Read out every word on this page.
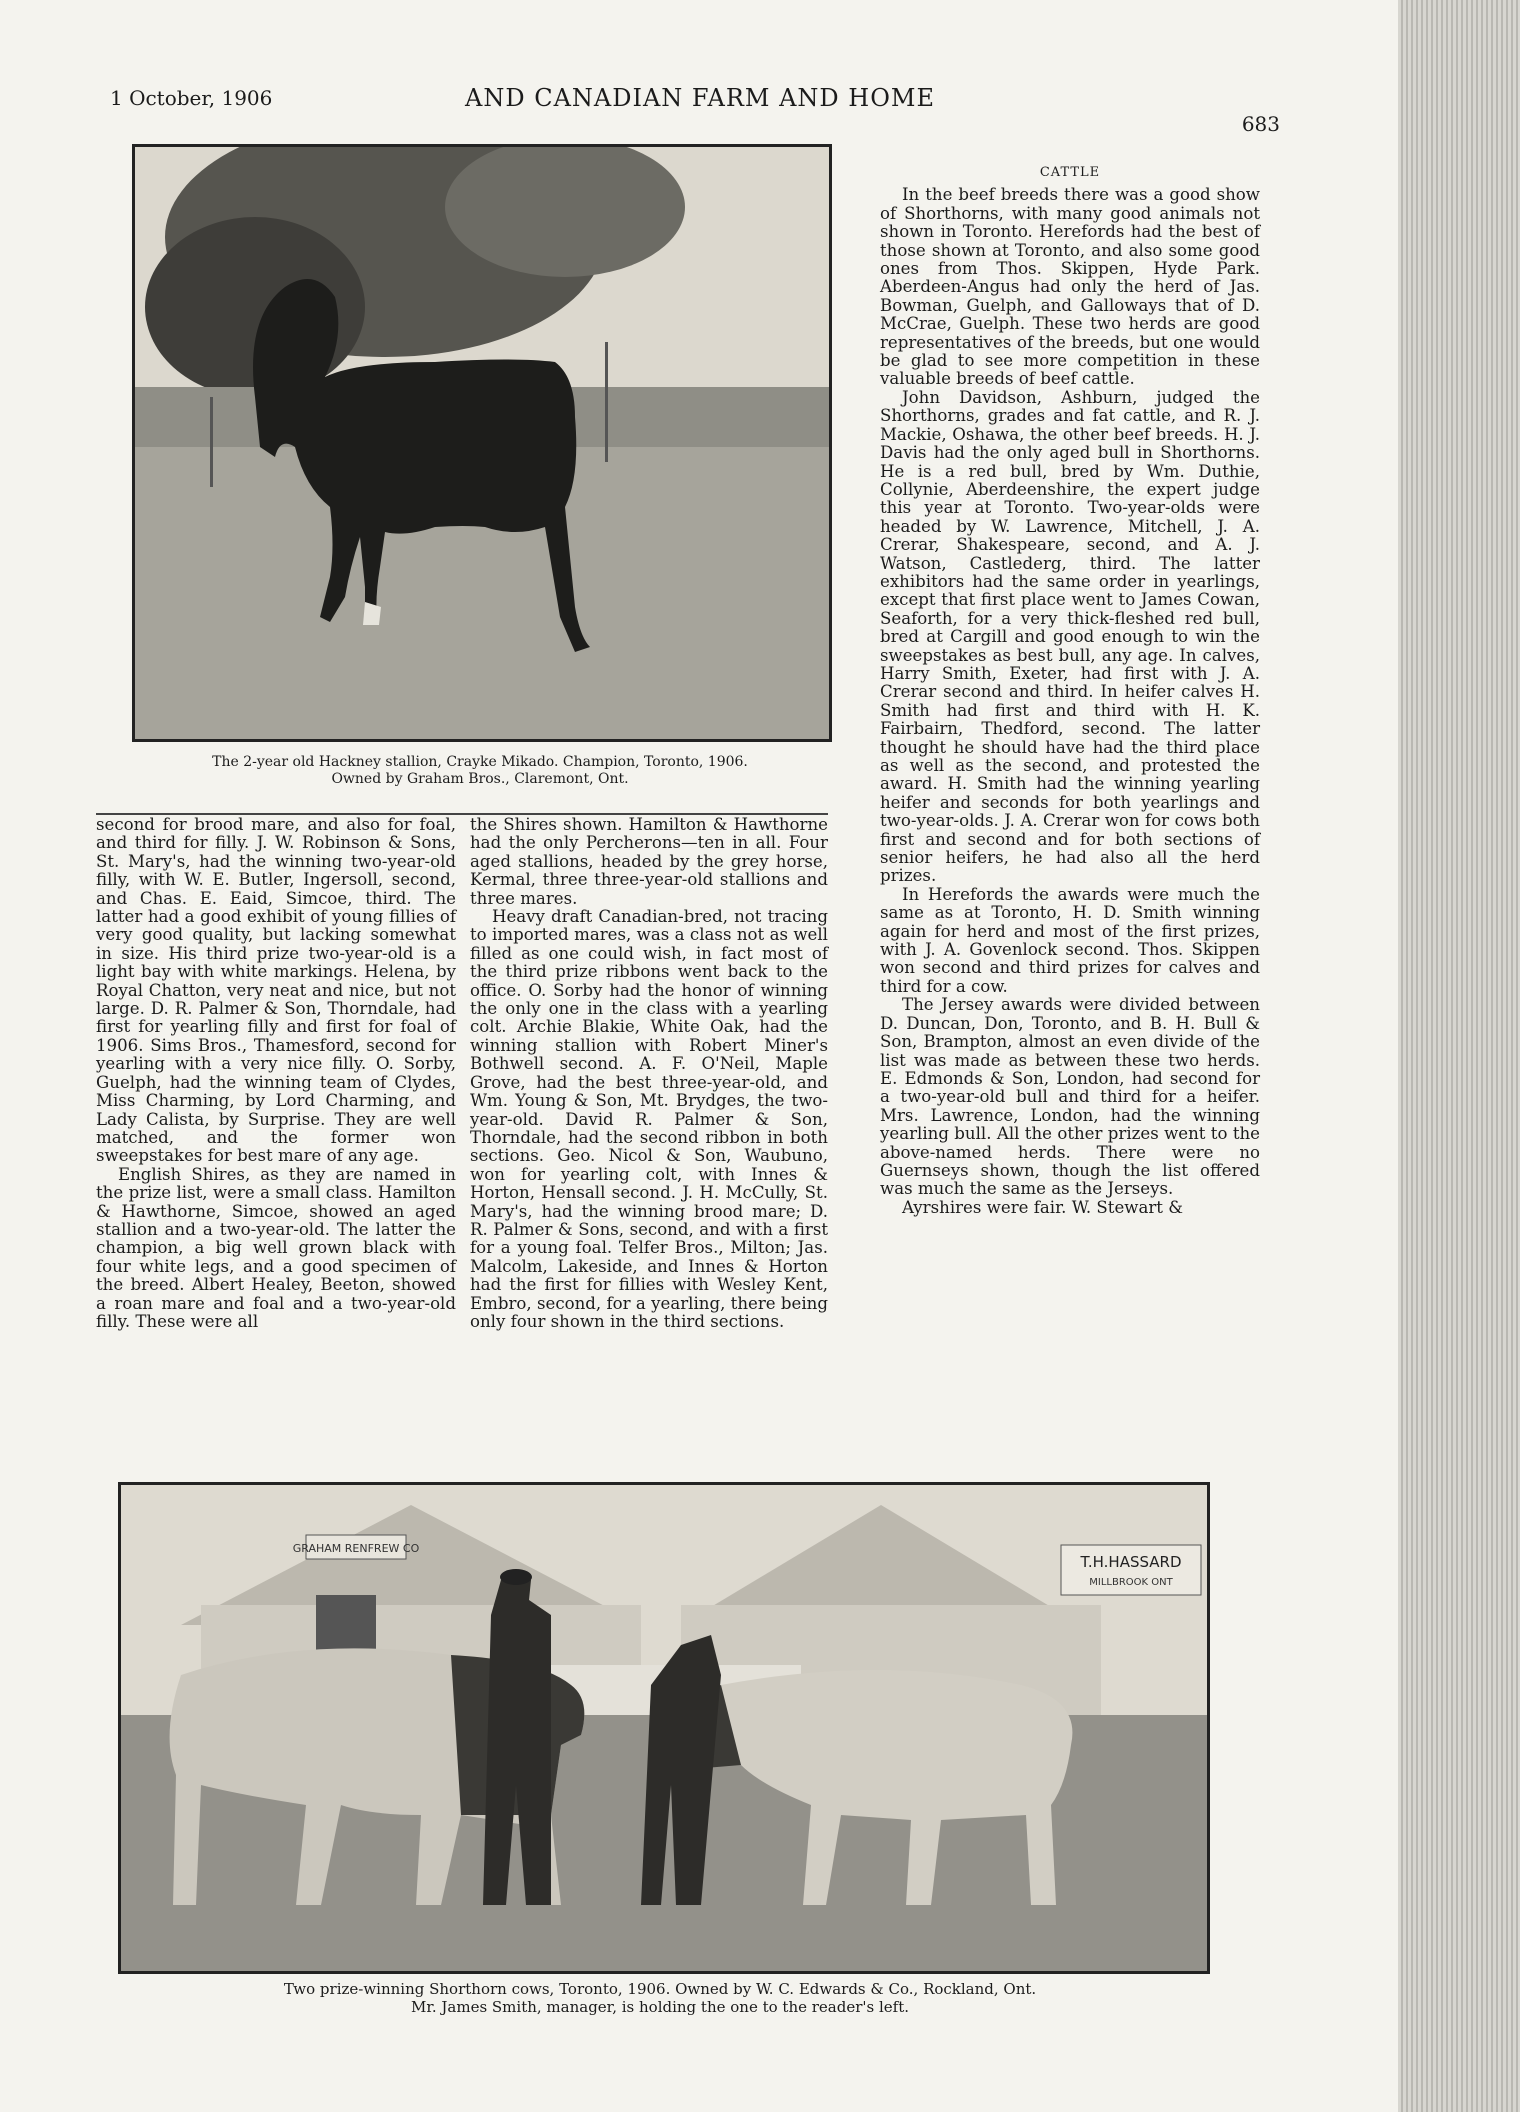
1 October, 1906	AND CANADIAN FARM AND HOME
683
The 2-year old Hackney stallion, Crayke Mikado. Champion, Toronto, 1906.
Owned by Graham Bros., Claremont, Ont.

second for brood mare, and also for foal, and third for filly. J. W. Robinson & Sons, St. Mary's, had the winning two-year-old filly, with W. E. Butler, Ingersoll, second, and Chas. E. Eaid, Simcoe, third. The latter had a good exhibit of young fillies of very good quality, but lacking somewhat in size. His third prize two-year-old is a light bay with white markings. Helena, by Royal Chatton, very neat and nice, but not large. D. R. Palmer & Son, Thorndale, had first for yearling filly and first for foal of 1906. Sims Bros., Thamesford, second for yearling with a very nice filly. O. Sorby, Guelph, had the winning team of Clydes, Miss Charming, by Lord Charming, and Lady Calista, by Surprise. They are well matched, and the former won sweepstakes for best mare of any age.

English Shires, as they are named in the prize list, were a small class. Hamilton & Hawthorne, Simcoe, showed an aged stallion and a two-year-old. The latter the champion, a big well grown black with four white legs, and a good specimen of the breed. Albert Healey, Beeton, showed a roan mare and foal and a two-year-old filly. These were all

the Shires shown. Hamilton & Hawthorne had the only Percherons—ten in all. Four aged stallions, headed by the grey horse, Kermal, three three-year-old stallions and three mares.

Heavy draft Canadian-bred, not tracing to imported mares, was a class not as well filled as one could wish, in fact most of the third prize ribbons went back to the office. O. Sorby had the honor of winning the only one in the class with a yearling colt. Archie Blakie, White Oak, had the winning stallion with Robert Miner's Bothwell second. A. F. O'Neil, Maple Grove, had the best three-year-old, and Wm. Young & Son, Mt. Brydges, the two-year-old. David R. Palmer & Son, Thorndale, had the second ribbon in both sections. Geo. Nicol & Son, Waubuno, won for yearling colt, with Innes & Horton, Hensall second. J. H. McCully, St. Mary's, had the winning brood mare; D. R. Palmer & Sons, second, and with a first for a young foal. Telfer Bros., Milton; Jas. Malcolm, Lakeside, and Innes & Horton had the first for fillies with Wesley Kent, Embro, second, for a yearling, there being only four shown in the third sections.

CATTLE

In the beef breeds there was a good show of Shorthorns, with many good animals not shown in Toronto. Herefords had the best of those shown at Toronto, and also some good ones from Thos. Skippen, Hyde Park. Aberdeen-Angus had only the herd of Jas. Bowman, Guelph, and Galloways that of D. McCrae, Guelph. These two herds are good representatives of the breeds, but one would be glad to see more competition in these valuable breeds of beef cattle.

John Davidson, Ashburn, judged the Shorthorns, grades and fat cattle, and R. J. Mackie, Oshawa, the other beef breeds. H. J. Davis had the only aged bull in Shorthorns. He is a red bull, bred by Wm. Duthie, Collynie, Aberdeenshire, the expert judge this year at Toronto. Two-year-olds were headed by W. Lawrence, Mitchell, J. A. Crerar, Shakespeare, second, and A. J. Watson, Castlederg, third. The latter exhibitors had the same order in yearlings, except that first place went to James Cowan, Seaforth, for a very thick-fleshed red bull, bred at Cargill and good enough to win the sweepstakes as best bull, any age. In calves, Harry Smith, Exeter, had first with J. A. Crerar second and third. In heifer calves H. Smith had first and third with H. K. Fairbairn, Thedford, second. The latter thought he should have had the third place as well as the second, and protested the award. H. Smith had the winning yearling heifer and seconds for both yearlings and two-year-olds. J. A. Crerar won for cows both first and second and for both sections of senior heifers, he had also all the herd prizes.

In Herefords the awards were much the same as at Toronto, H. D. Smith winning again for herd and most of the first prizes, with J. A. Govenlock second. Thos. Skippen won second and third prizes for calves and third for a cow.

The Jersey awards were divided between D. Duncan, Don, Toronto, and B. H. Bull & Son, Brampton, almost an even divide of the list was made as between these two herds. E. Edmonds & Son, London, had second for a two-year-old bull and third for a heifer. Mrs. Lawrence, London, had the winning yearling bull. All the other prizes went to the above-named herds. There were no Guernseys shown, though the list offered was much the same as the Jerseys.

Ayrshires were fair. W. Stewart &

GRAHAM RENFREW CO
T.H.HASSARD
MILLBROOK ONT
Two prize-winning Shorthorn cows, Toronto, 1906. Owned by W. C. Edwards & Co., Rockland, Ont.
Mr. James Smith, manager, is holding the one to the reader's left.
